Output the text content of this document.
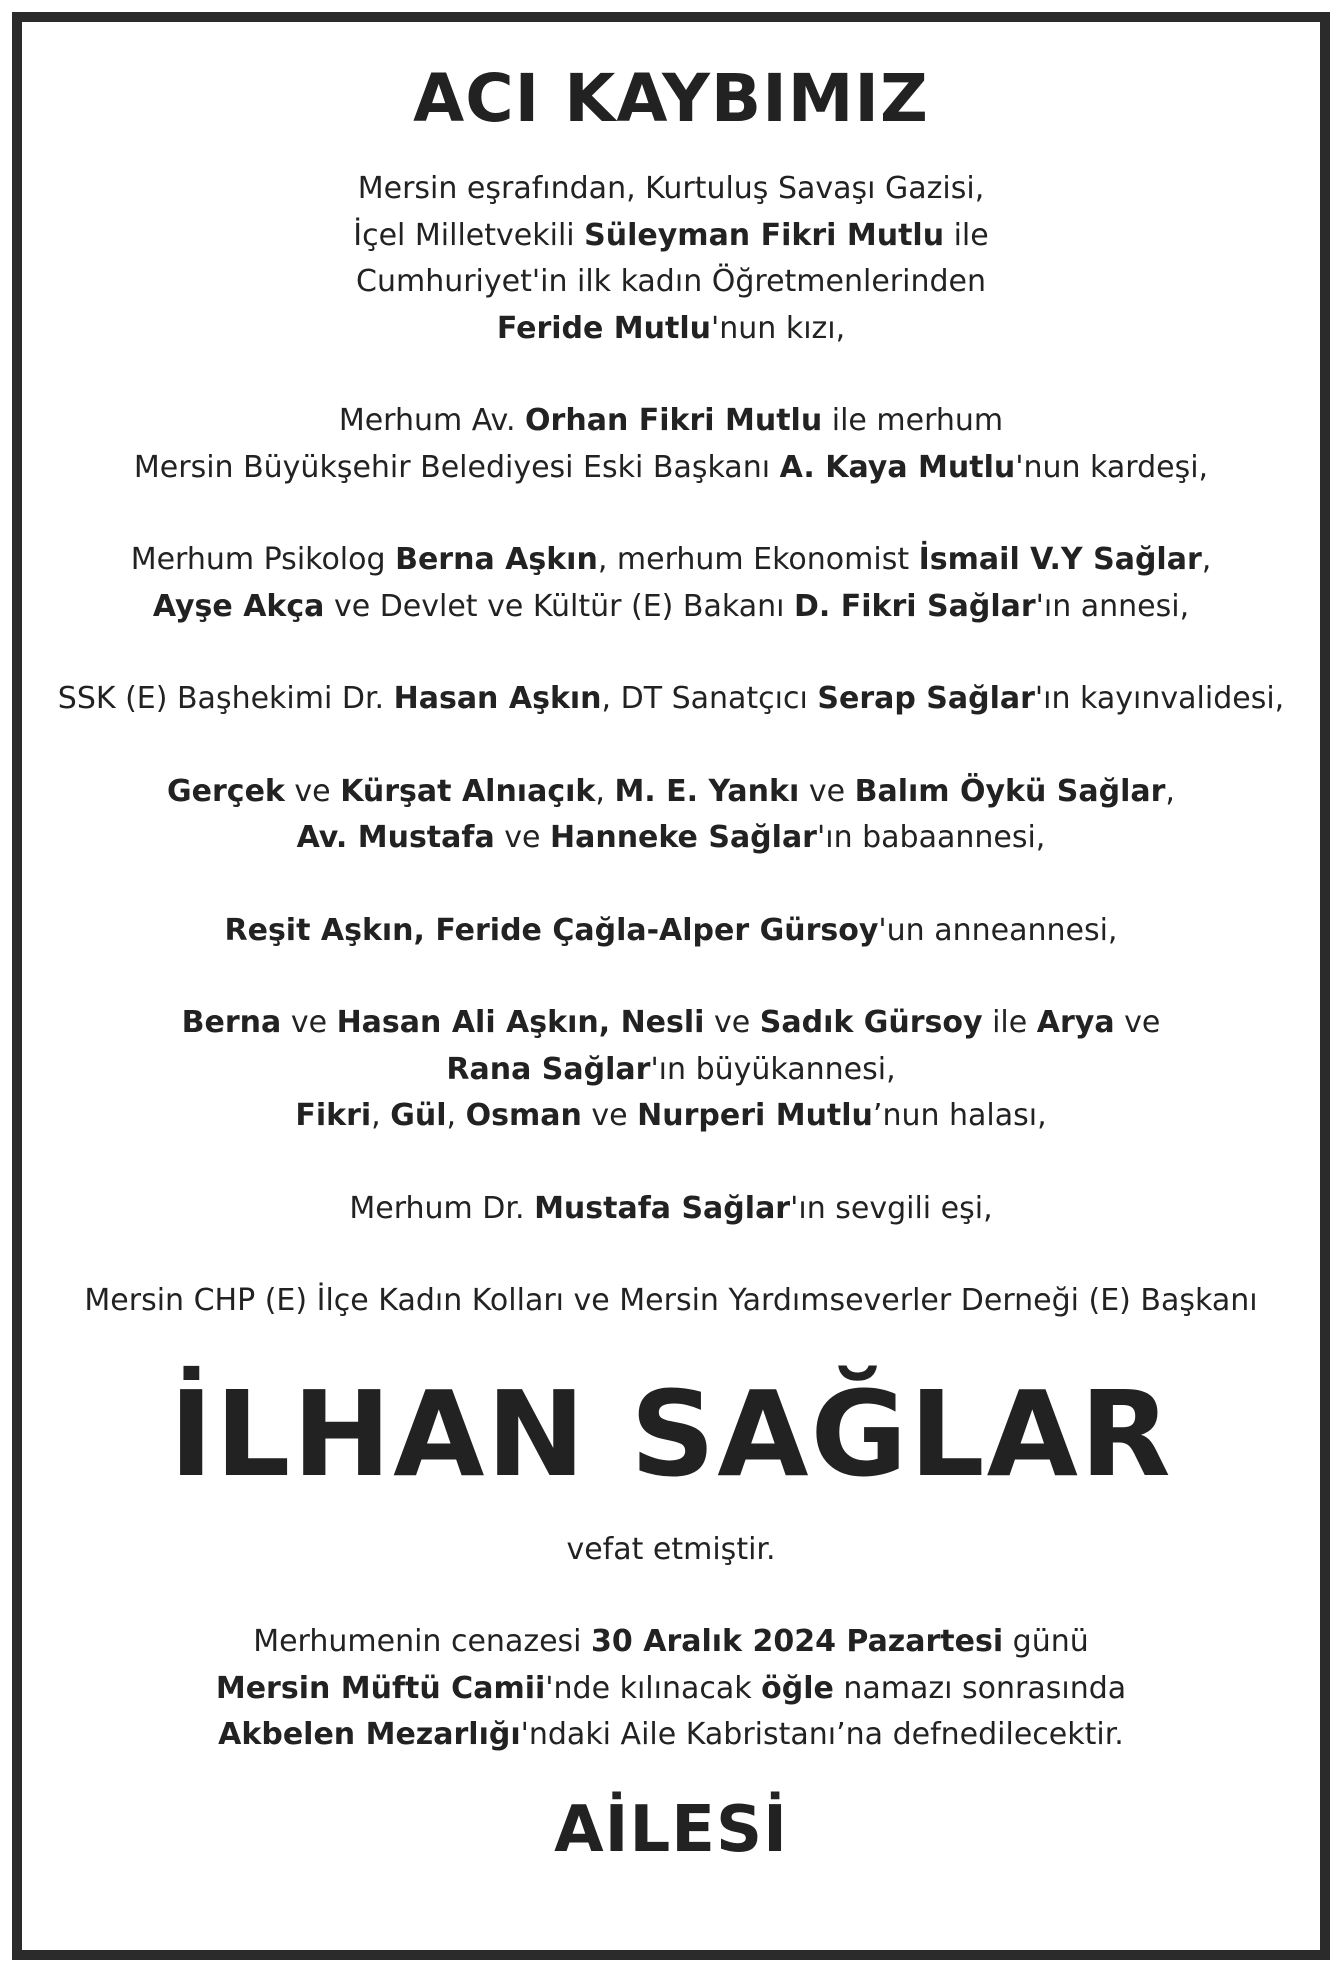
ACI KAYBIMIZ
Mersin eşrafından, Kurtuluş Savaşı Gazisi,
İçel Milletvekili Süleyman Fikri Mutlu ile
Cumhuriyet'in ilk kadın Öğretmenlerinden
Feride Mutlu'nun kızı,
Merhum Av. Orhan Fikri Mutlu ile merhum
Mersin Büyükşehir Belediyesi Eski Başkanı A. Kaya Mutlu'nun kardeşi,
Merhum Psikolog Berna Aşkın, merhum Ekonomist İsmail V.Y Sağlar,
Ayşe Akça ve Devlet ve Kültür (E) Bakanı D. Fikri Sağlar'ın annesi,
SSK (E) Başhekimi Dr. Hasan Aşkın, DT Sanatçıcı Serap Sağlar'ın kayınvalidesi,
Gerçek ve Kürşat Alnıaçık, M. E. Yankı ve Balım Öykü Sağlar,
Av. Mustafa ve Hanneke Sağlar'ın babaannesi,
Reşit Aşkın, Feride Çağla-Alper Gürsoy'un anneannesi,
Berna ve Hasan Ali Aşkın, Nesli ve Sadık Gürsoy ile Arya ve
Rana Sağlar'ın büyükannesi,
Fikri, Gül, Osman ve Nurperi Mutlu’nun halası,
Merhum Dr. Mustafa Sağlar'ın sevgili eşi,
Mersin CHP (E) İlçe Kadın Kolları ve Mersin Yardımseverler Derneği (E) Başkanı
İLHAN SAĞLAR
vefat etmiştir.
Merhumenin cenazesi 30 Aralık 2024 Pazartesi günü
Mersin Müftü Camii'nde kılınacak öğle namazı sonrasında
Akbelen Mezarlığı'ndaki Aile Kabristanı’na defnedilecektir.
AİLESİ
